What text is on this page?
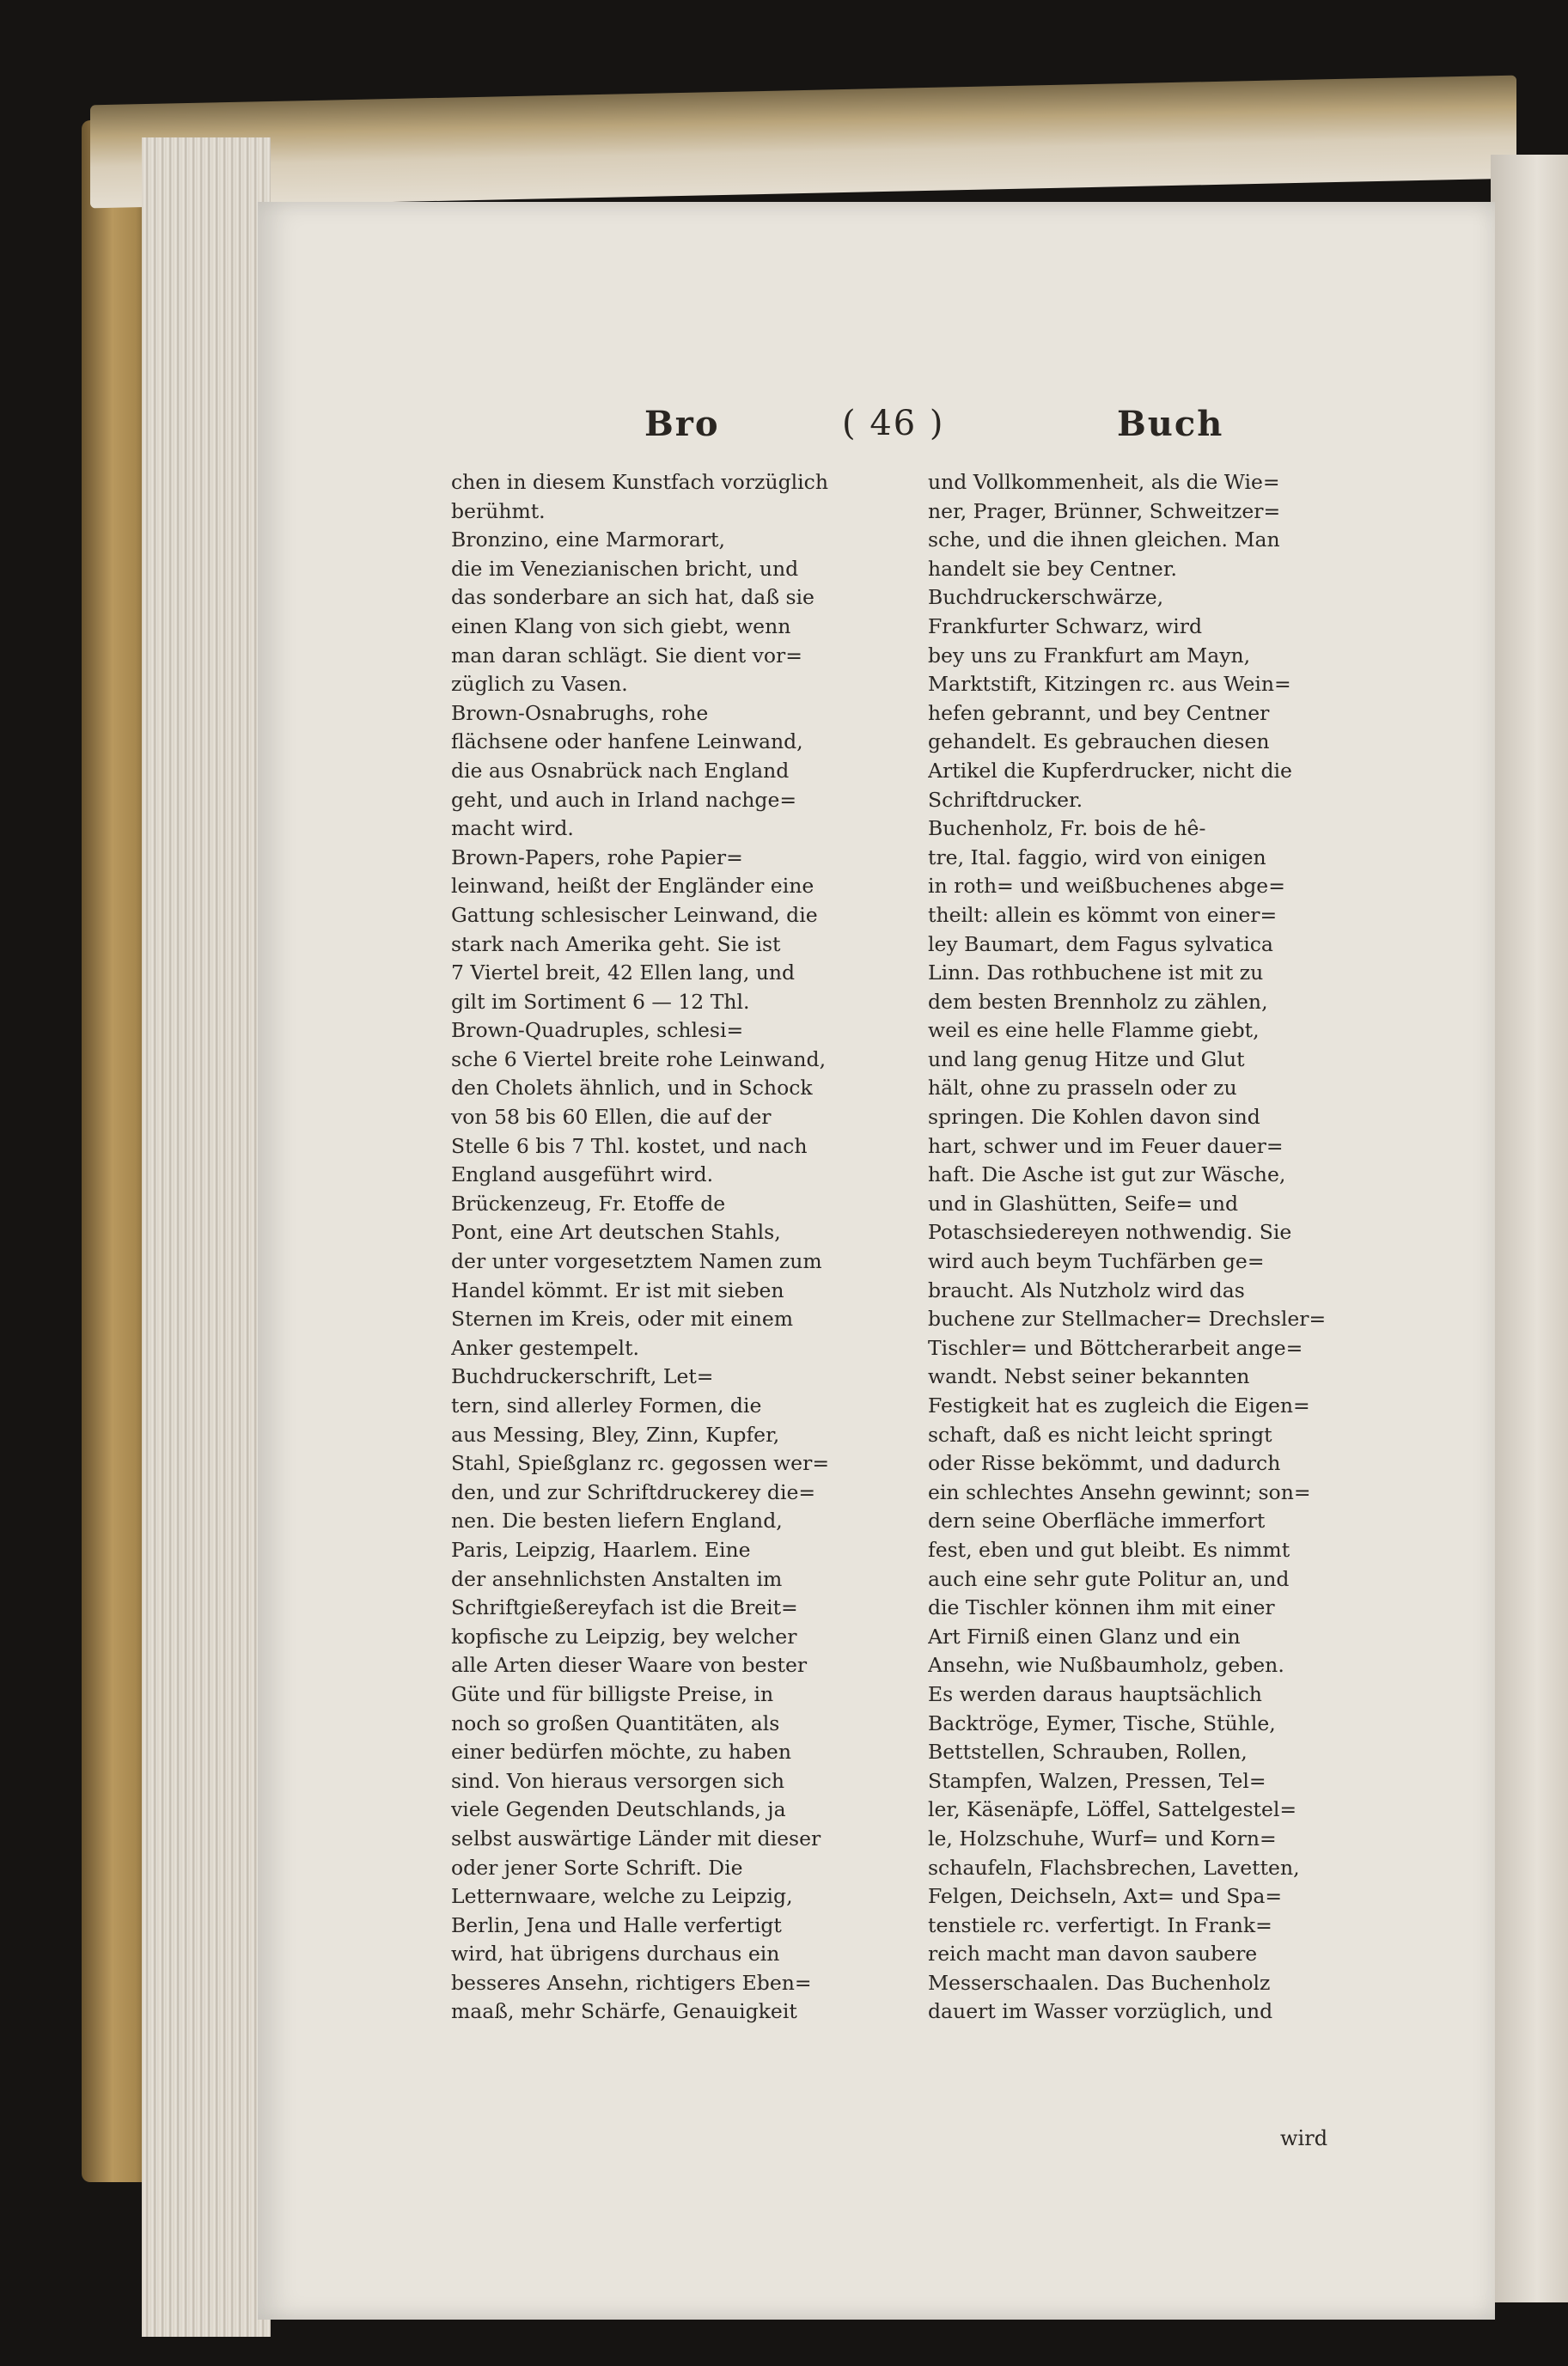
Bro	( 46 )	Buch
chen in diesem Kunstfach vorzüglich
berühmt.
Bronzino, eine Marmorart,
die im Venezianischen bricht, und
das sonderbare an sich hat, daß sie
einen Klang von sich giebt, wenn
man daran schlägt. Sie dient vor=
züglich zu Vasen.
Brown-Osnabrughs, rohe
flächsene oder hanfene Leinwand,
die aus Osnabrück nach England
geht, und auch in Irland nachge=
macht wird.
Brown-Papers, rohe Papier=
leinwand, heißt der Engländer eine
Gattung schlesischer Leinwand, die
stark nach Amerika geht. Sie ist
7 Viertel breit, 42 Ellen lang, und
gilt im Sortiment 6 — 12 Thl.
Brown-Quadruples, schlesi=
sche 6 Viertel breite rohe Leinwand,
den Cholets ähnlich, und in Schock
von 58 bis 60 Ellen, die auf der
Stelle 6 bis 7 Thl. kostet, und nach
England ausgeführt wird.
Brückenzeug, Fr. Etoffe de
Pont, eine Art deutschen Stahls,
der unter vorgesetztem Namen zum
Handel kömmt. Er ist mit sieben
Sternen im Kreis, oder mit einem
Anker gestempelt.
Buchdruckerschrift, Let=
tern, sind allerley Formen, die
aus Messing, Bley, Zinn, Kupfer,
Stahl, Spießglanz rc. gegossen wer=
den, und zur Schriftdruckerey die=
nen. Die besten liefern England,
Paris, Leipzig, Haarlem. Eine
der ansehnlichsten Anstalten im
Schriftgießereyfach ist die Breit=
kopfische zu Leipzig, bey welcher
alle Arten dieser Waare von bester
Güte und für billigste Preise, in
noch so großen Quantitäten, als
einer bedürfen möchte, zu haben
sind. Von hieraus versorgen sich
viele Gegenden Deutschlands, ja
selbst auswärtige Länder mit dieser
oder jener Sorte Schrift. Die
Letternwaare, welche zu Leipzig,
Berlin, Jena und Halle verfertigt
wird, hat übrigens durchaus ein
besseres Ansehn, richtigers Eben=
maaß, mehr Schärfe, Genauigkeit
und Vollkommenheit, als die Wie=
ner, Prager, Brünner, Schweitzer=
sche, und die ihnen gleichen. Man
handelt sie bey Centner.
Buchdruckerschwärze,
Frankfurter Schwarz, wird
bey uns zu Frankfurt am Mayn,
Marktstift, Kitzingen rc. aus Wein=
hefen gebrannt, und bey Centner
gehandelt. Es gebrauchen diesen
Artikel die Kupferdrucker, nicht die
Schriftdrucker.
Buchenholz, Fr. bois de hê-
tre, Ital. faggio, wird von einigen
in roth= und weißbuchenes abge=
theilt: allein es kömmt von einer=
ley Baumart, dem Fagus sylvatica
Linn. Das rothbuchene ist mit zu
dem besten Brennholz zu zählen,
weil es eine helle Flamme giebt,
und lang genug Hitze und Glut
hält, ohne zu prasseln oder zu
springen. Die Kohlen davon sind
hart, schwer und im Feuer dauer=
haft. Die Asche ist gut zur Wäsche,
und in Glashütten, Seife= und
Potaschsiedereyen nothwendig. Sie
wird auch beym Tuchfärben ge=
braucht. Als Nutzholz wird das
buchene zur Stellmacher= Drechsler=
Tischler= und Böttcherarbeit ange=
wandt. Nebst seiner bekannten
Festigkeit hat es zugleich die Eigen=
schaft, daß es nicht leicht springt
oder Risse bekömmt, und dadurch
ein schlechtes Ansehn gewinnt; son=
dern seine Oberfläche immerfort
fest, eben und gut bleibt. Es nimmt
auch eine sehr gute Politur an, und
die Tischler können ihm mit einer
Art Firniß einen Glanz und ein
Ansehn, wie Nußbaumholz, geben.
Es werden daraus hauptsächlich
Backtröge, Eymer, Tische, Stühle,
Bettstellen, Schrauben, Rollen,
Stampfen, Walzen, Pressen, Tel=
ler, Käsenäpfe, Löffel, Sattelgestel=
le, Holzschuhe, Wurf= und Korn=
schaufeln, Flachsbrechen, Lavetten,
Felgen, Deichseln, Axt= und Spa=
tenstiele rc. verfertigt. In Frank=
reich macht man davon saubere
Messerschaalen. Das Buchenholz
dauert im Wasser vorzüglich, und
wird
